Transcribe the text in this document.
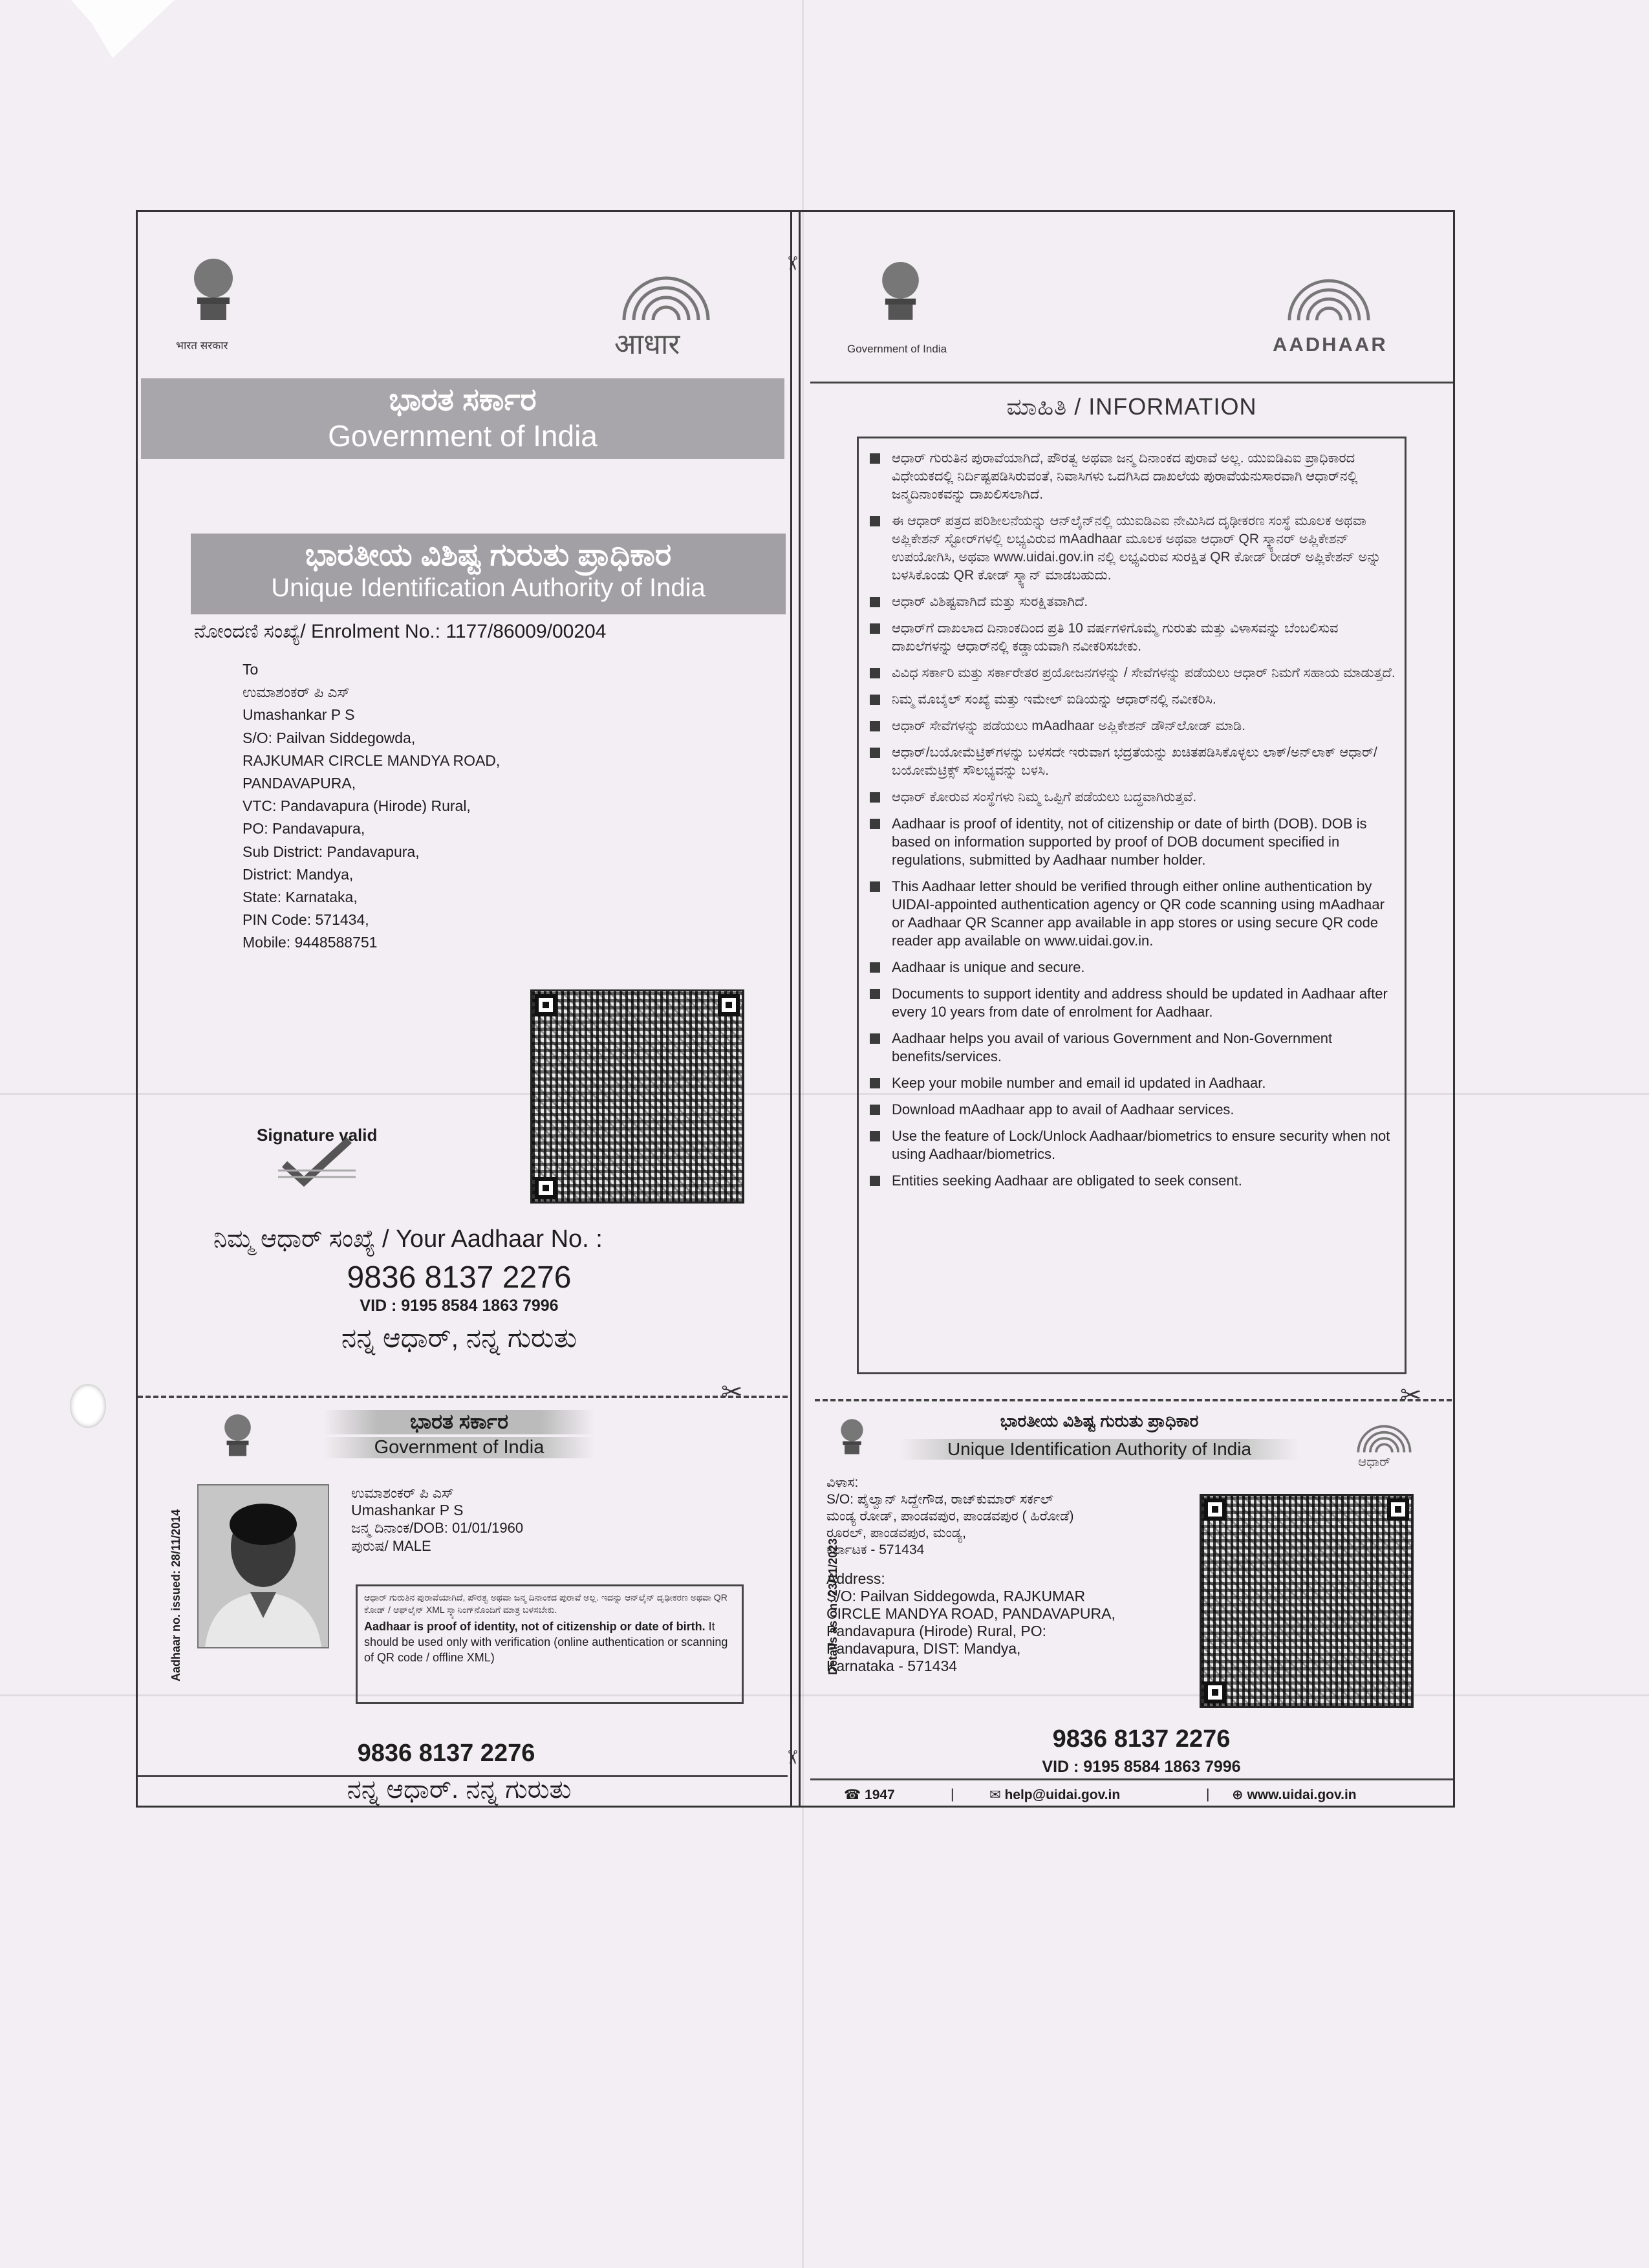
✂	✂
✂
✂
भारत सरकार	आधार
ಭಾರತ ಸರ್ಕಾರ
Government of India
ಭಾರತೀಯ ವಿಶಿಷ್ಟ ಗುರುತು ಪ್ರಾಧಿಕಾರ
Unique Identification Authority of India
ನೋಂದಣಿ ಸಂಖ್ಯೆ/ Enrolment No.: 1177/86009/00204
To
ಉಮಾಶಂಕರ್ ಪಿ ಎಸ್
Umashankar P S
S/O: Pailvan Siddegowda,
RAJKUMAR CIRCLE MANDYA ROAD,
PANDAVAPURA,
VTC: Pandavapura (Hirode) Rural,
PO: Pandavapura,
Sub District: Pandavapura,
District: Mandya,
State: Karnataka,
PIN Code: 571434,
Mobile: 9448588751
Signature valid
ನಿಮ್ಮ ಆಧಾರ್ ಸಂಖ್ಯೆ / Your Aadhaar No. :
9836 8137 2276
VID : 9195 8584 1863 7996
ನನ್ನ ಆಧಾರ್, ನನ್ನ ಗುರುತು
Government of India	AADHAAR
ಮಾಹಿತಿ / INFORMATION
ಆಧಾರ್ ಗುರುತಿನ ಪುರಾವೆಯಾಗಿದೆ, ಪೌರತ್ವ ಅಥವಾ ಜನ್ಮ ದಿನಾಂಕದ ಪುರಾವೆ ಅಲ್ಲ. ಯುಐಡಿಎಐ ಪ್ರಾಧಿಕಾರದ ವಿಧೇಯಕದಲ್ಲಿ ನಿರ್ದಿಷ್ಟಪಡಿಸಿರುವಂತೆ, ನಿವಾಸಿಗಳು ಒದಗಿಸಿದ ದಾಖಲೆಯ ಪುರಾವೆಯನುಸಾರವಾಗಿ ಆಧಾರ್‌ನಲ್ಲಿ ಜನ್ಮದಿನಾಂಕವನ್ನು ದಾಖಲಿಸಲಾಗಿದೆ.
ಈ ಆಧಾರ್ ಪತ್ರದ ಪರಿಶೀಲನೆಯನ್ನು ಆನ್‌ಲೈನ್‌ನಲ್ಲಿ ಯುಐಡಿಎಐ ನೇಮಿಸಿದ ದೃಢೀಕರಣ ಸಂಸ್ಥೆ ಮೂಲಕ ಅಥವಾ ಅಪ್ಲಿಕೇಶನ್ ಸ್ಟೋರ್‌ಗಳಲ್ಲಿ ಲಭ್ಯವಿರುವ mAadhaar ಮೂಲಕ ಅಥವಾ ಆಧಾರ್ QR ಸ್ಕ್ಯಾನರ್ ಅಪ್ಲಿಕೇಶನ್ ಉಪಯೋಗಿಸಿ, ಅಥವಾ www.uidai.gov.in ನಲ್ಲಿ ಲಭ್ಯವಿರುವ ಸುರಕ್ಷಿತ QR ಕೋಡ್ ರೀಡರ್ ಅಪ್ಲಿಕೇಶನ್ ಅನ್ನು ಬಳಸಿಕೊಂಡು QR ಕೋಡ್ ಸ್ಕ್ಯಾನ್ ಮಾಡಬಹುದು.
ಆಧಾರ್ ವಿಶಿಷ್ಟವಾಗಿದೆ ಮತ್ತು ಸುರಕ್ಷಿತವಾಗಿದೆ.
ಆಧಾರ್‌ಗೆ ದಾಖಲಾದ ದಿನಾಂಕದಿಂದ ಪ್ರತಿ 10 ವರ್ಷಗಳಿಗೊಮ್ಮೆ ಗುರುತು ಮತ್ತು ವಿಳಾಸವನ್ನು ಬೆಂಬಲಿಸುವ ದಾಖಲೆಗಳನ್ನು ಆಧಾರ್‌ನಲ್ಲಿ ಕಡ್ಡಾಯವಾಗಿ ನವೀಕರಿಸಬೇಕು.
ವಿವಿಧ ಸರ್ಕಾರಿ ಮತ್ತು ಸರ್ಕಾರೇತರ ಪ್ರಯೋಜನಗಳನ್ನು / ಸೇವೆಗಳನ್ನು ಪಡೆಯಲು ಆಧಾರ್ ನಿಮಗೆ ಸಹಾಯ ಮಾಡುತ್ತದೆ.
ನಿಮ್ಮ ಮೊಬೈಲ್ ಸಂಖ್ಯೆ ಮತ್ತು ಇಮೇಲ್ ಐಡಿಯನ್ನು ಆಧಾರ್‌ನಲ್ಲಿ ನವೀಕರಿಸಿ.
ಆಧಾರ್ ಸೇವೆಗಳನ್ನು ಪಡೆಯಲು mAadhaar ಅಪ್ಲಿಕೇಶನ್ ಡೌನ್‌ಲೋಡ್ ಮಾಡಿ.
ಆಧಾರ್/ಬಯೋಮೆಟ್ರಿಕ್‌ಗಳನ್ನು ಬಳಸದೇ ಇರುವಾಗ ಭದ್ರತೆಯನ್ನು ಖಚಿತಪಡಿಸಿಕೊಳ್ಳಲು ಲಾಕ್/ಅನ್‌ಲಾಕ್ ಆಧಾರ್/ಬಯೋಮೆಟ್ರಿಕ್ಸ್ ಸೌಲಭ್ಯವನ್ನು ಬಳಸಿ.
ಆಧಾರ್ ಕೋರುವ ಸಂಸ್ಥೆಗಳು ನಿಮ್ಮ ಒಪ್ಪಿಗೆ ಪಡೆಯಲು ಬದ್ಧವಾಗಿರುತ್ತವೆ.
Aadhaar is proof of identity, not of citizenship or date of birth (DOB). DOB is based on information supported by proof of DOB document specified in regulations, submitted by Aadhaar number holder.
This Aadhaar letter should be verified through either online authentication by UIDAI-appointed authentication agency or QR code scanning using mAadhaar or Aadhaar QR Scanner app available in app stores or using secure QR code reader app available on www.uidai.gov.in.
Aadhaar is unique and secure.
Documents to support identity and address should be updated in Aadhaar after every 10 years from date of enrolment for Aadhaar.
Aadhaar helps you avail of various Government and Non-Government benefits/services.
Keep your mobile number and email id updated in Aadhaar.
Download mAadhaar app to avail of Aadhaar services.
Use the feature of Lock/Unlock Aadhaar/biometrics to ensure security when not using Aadhaar/biometrics.
Entities seeking Aadhaar are obligated to seek consent.
ಭಾರತ ಸರ್ಕಾರ
Government of India
Aadhaar no. issued: 28/11/2014
ಉಮಾಶಂಕರ್ ಪಿ ಎಸ್
Umashankar P S
ಜನ್ಮ ದಿನಾಂಕ/DOB: 01/01/1960
ಪುರುಷ/ MALE
ಆಧಾರ್ ಗುರುತಿನ ಪುರಾವೆಯಾಗಿದೆ, ಪೌರತ್ವ ಅಥವಾ ಜನ್ಮ ದಿನಾಂಕದ ಪುರಾವೆ ಅಲ್ಲ. ಇದನ್ನು ಆನ್‌ಲೈನ್ ದೃಢೀಕರಣ ಅಥವಾ QR ಕೋಡ್ / ಆಫ್‌ಲೈನ್ XML ಸ್ಕ್ಯಾನಿಂಗ್‌ನೊಂದಿಗೆ ಮಾತ್ರ ಬಳಸಬೇಕು.
Aadhaar is proof of identity, not of citizenship or date of birth. It should be used only with verification (online authentication or scanning of QR code / offline XML)
9836 8137 2276
ನನ್ನ ಆಧಾರ್. ನನ್ನ ಗುರುತು
ಭಾರತೀಯ ವಿಶಿಷ್ಟ ಗುರುತು ಪ್ರಾಧಿಕಾರ
Unique Identification Authority of India
ಆಧಾರ್
Details as on: 23/11/2023
ವಿಳಾಸ:
S/O: ಪೈಲ್ವಾನ್ ಸಿದ್ದೇಗೌಡ, ರಾಜ್‌ಕುಮಾರ್ ಸರ್ಕಲ್
ಮಂಡ್ಯ ರೋಡ್, ಪಾಂಡವಪುರ, ಪಾಂಡವಪುರ ( ಹಿರೋಡೆ)
ರೂರಲ್, ಪಾಂಡವಪುರ, ಮಂಡ್ಯ,
ಕರ್ನಾಟಕ - 571434
Address:
S/O: Pailvan Siddegowda, RAJKUMAR
CIRCLE MANDYA ROAD, PANDAVAPURA,
Pandavapura (Hirode) Rural, PO:
Pandavapura, DIST: Mandya,
Karnataka - 571434
9836 8137 2276
VID : 9195 8584 1863 7996
☎ 1947	|	✉ help@uidai.gov.in	| ⊕ www.uidai.gov.in
